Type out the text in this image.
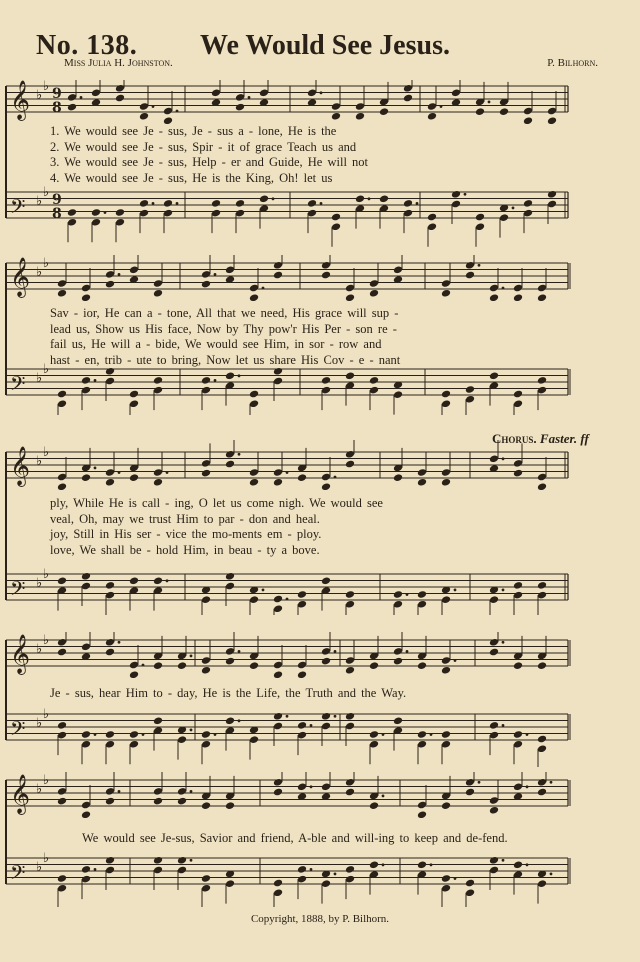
No. 138. We Would See Jesus.
Miss Julia H. Johnston.	P. Bilhorn.
𝄞 ♭
♭ 9
8
𝄢 ♭
♭ 9
8
1. We would see Je - sus, Je - sus a - lone, He is the
2. We would see Je - sus, Spir - it of grace Teach us and
3. We would see Je - sus, Help - er and Guide, He will not
4. We would see Je - sus, He is the King, Oh! let us
𝄞 ♭
♭
𝄢 ♭
♭
Sav - ior, He can a - tone, All that we need, His grace will sup -
lead us, Show us His face, Now by Thy pow'r His Per - son re -
fail us, He will a - bide, We would see Him, in sor - row and
hast - en, trib - ute to bring, Now let us share His Cov - e - nant
Chorus. Faster. ff
𝄞 ♭
♭
𝄢 ♭
♭
ply, While He is call - ing, O let us come nigh. We would see
veal, Oh, may we trust Him to par - don and heal.
joy, Still in His ser - vice the mo-ments em - ploy.
love, We shall be - hold Him, in beau - ty a bove.
𝄞 ♭
♭
𝄢 ♭
♭
Je - sus, hear Him to - day, He is the Life, the Truth and the Way.
𝄞 ♭
♭
𝄢 ♭
♭
We would see Je-sus, Savior and friend, A-ble and will-ing to keep and de-fend.
Copyright, 1888, by P. Bilhorn.
